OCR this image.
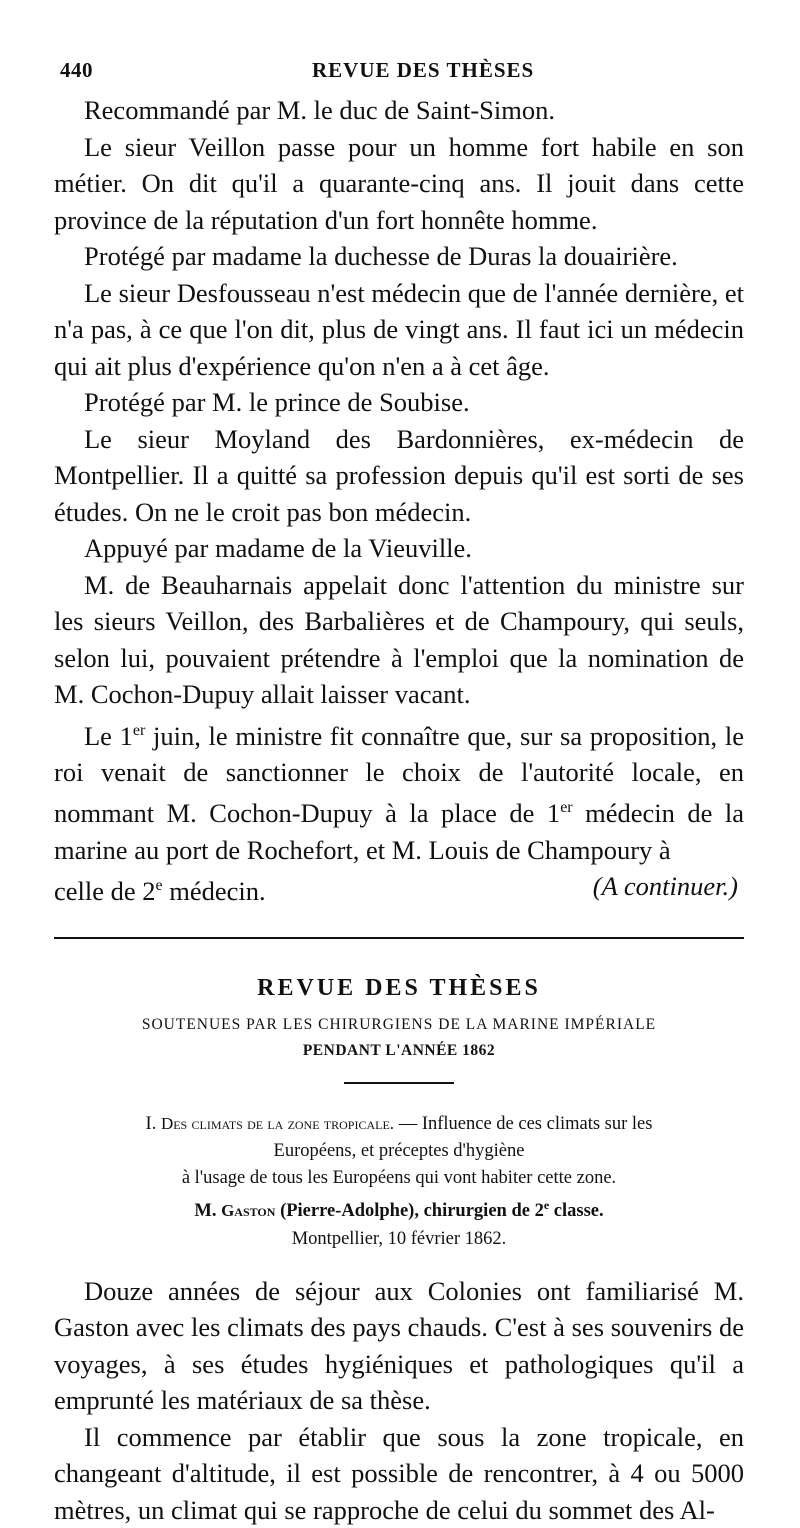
440	REVUE DES THÈSES

Recommandé par M. le duc de Saint-Simon.

Le sieur Veillon passe pour un homme fort habile en son métier. On dit qu'il a quarante-cinq ans. Il jouit dans cette province de la réputation d'un fort honnête homme.

Protégé par madame la duchesse de Duras la douairière.

Le sieur Desfousseau n'est médecin que de l'année dernière, et n'a pas, à ce que l'on dit, plus de vingt ans. Il faut ici un médecin qui ait plus d'expérience qu'on n'en a à cet âge.

Protégé par M. le prince de Soubise.

Le sieur Moyland des Bardonnières, ex-médecin de Montpellier. Il a quitté sa profession depuis qu'il est sorti de ses études. On ne le croit pas bon médecin.

Appuyé par madame de la Vieuville.

M. de Beauharnais appelait donc l'attention du ministre sur les sieurs Veillon, des Barbalières et de Champoury, qui seuls, selon lui, pouvaient prétendre à l'emploi que la nomination de M. Cochon-Dupuy allait laisser vacant.

Le 1er juin, le ministre fit connaître que, sur sa proposition, le roi venait de sanctionner le choix de l'autorité locale, en nommant M. Cochon-Dupuy à la place de 1er médecin de la marine au port de Rochefort, et M. Louis de Champoury à

celle de 2e médecin.	(A continuer.)
REVUE DES THÈSES
SOUTENUES PAR LES CHIRURGIENS DE LA MARINE IMPÉRIALE
PENDANT L'ANNÉE 1862
I. Des climats de la zone tropicale. — Influence de ces climats sur les
Européens, et préceptes d'hygiène
à l'usage de tous les Européens qui vont habiter cette zone.
M. Gaston (Pierre-Adolphe), chirurgien de 2e classe.
Montpellier, 10 février 1862.

Douze années de séjour aux Colonies ont familiarisé M. Gaston avec les climats des pays chauds. C'est à ses souvenirs de voyages, à ses études hygiéniques et pathologiques qu'il a emprunté les matériaux de sa thèse.

Il commence par établir que sous la zone tropicale, en changeant d'altitude, il est possible de rencontrer, à 4 ou 5000 mètres, un climat qui se rapproche de celui du sommet des Al-
